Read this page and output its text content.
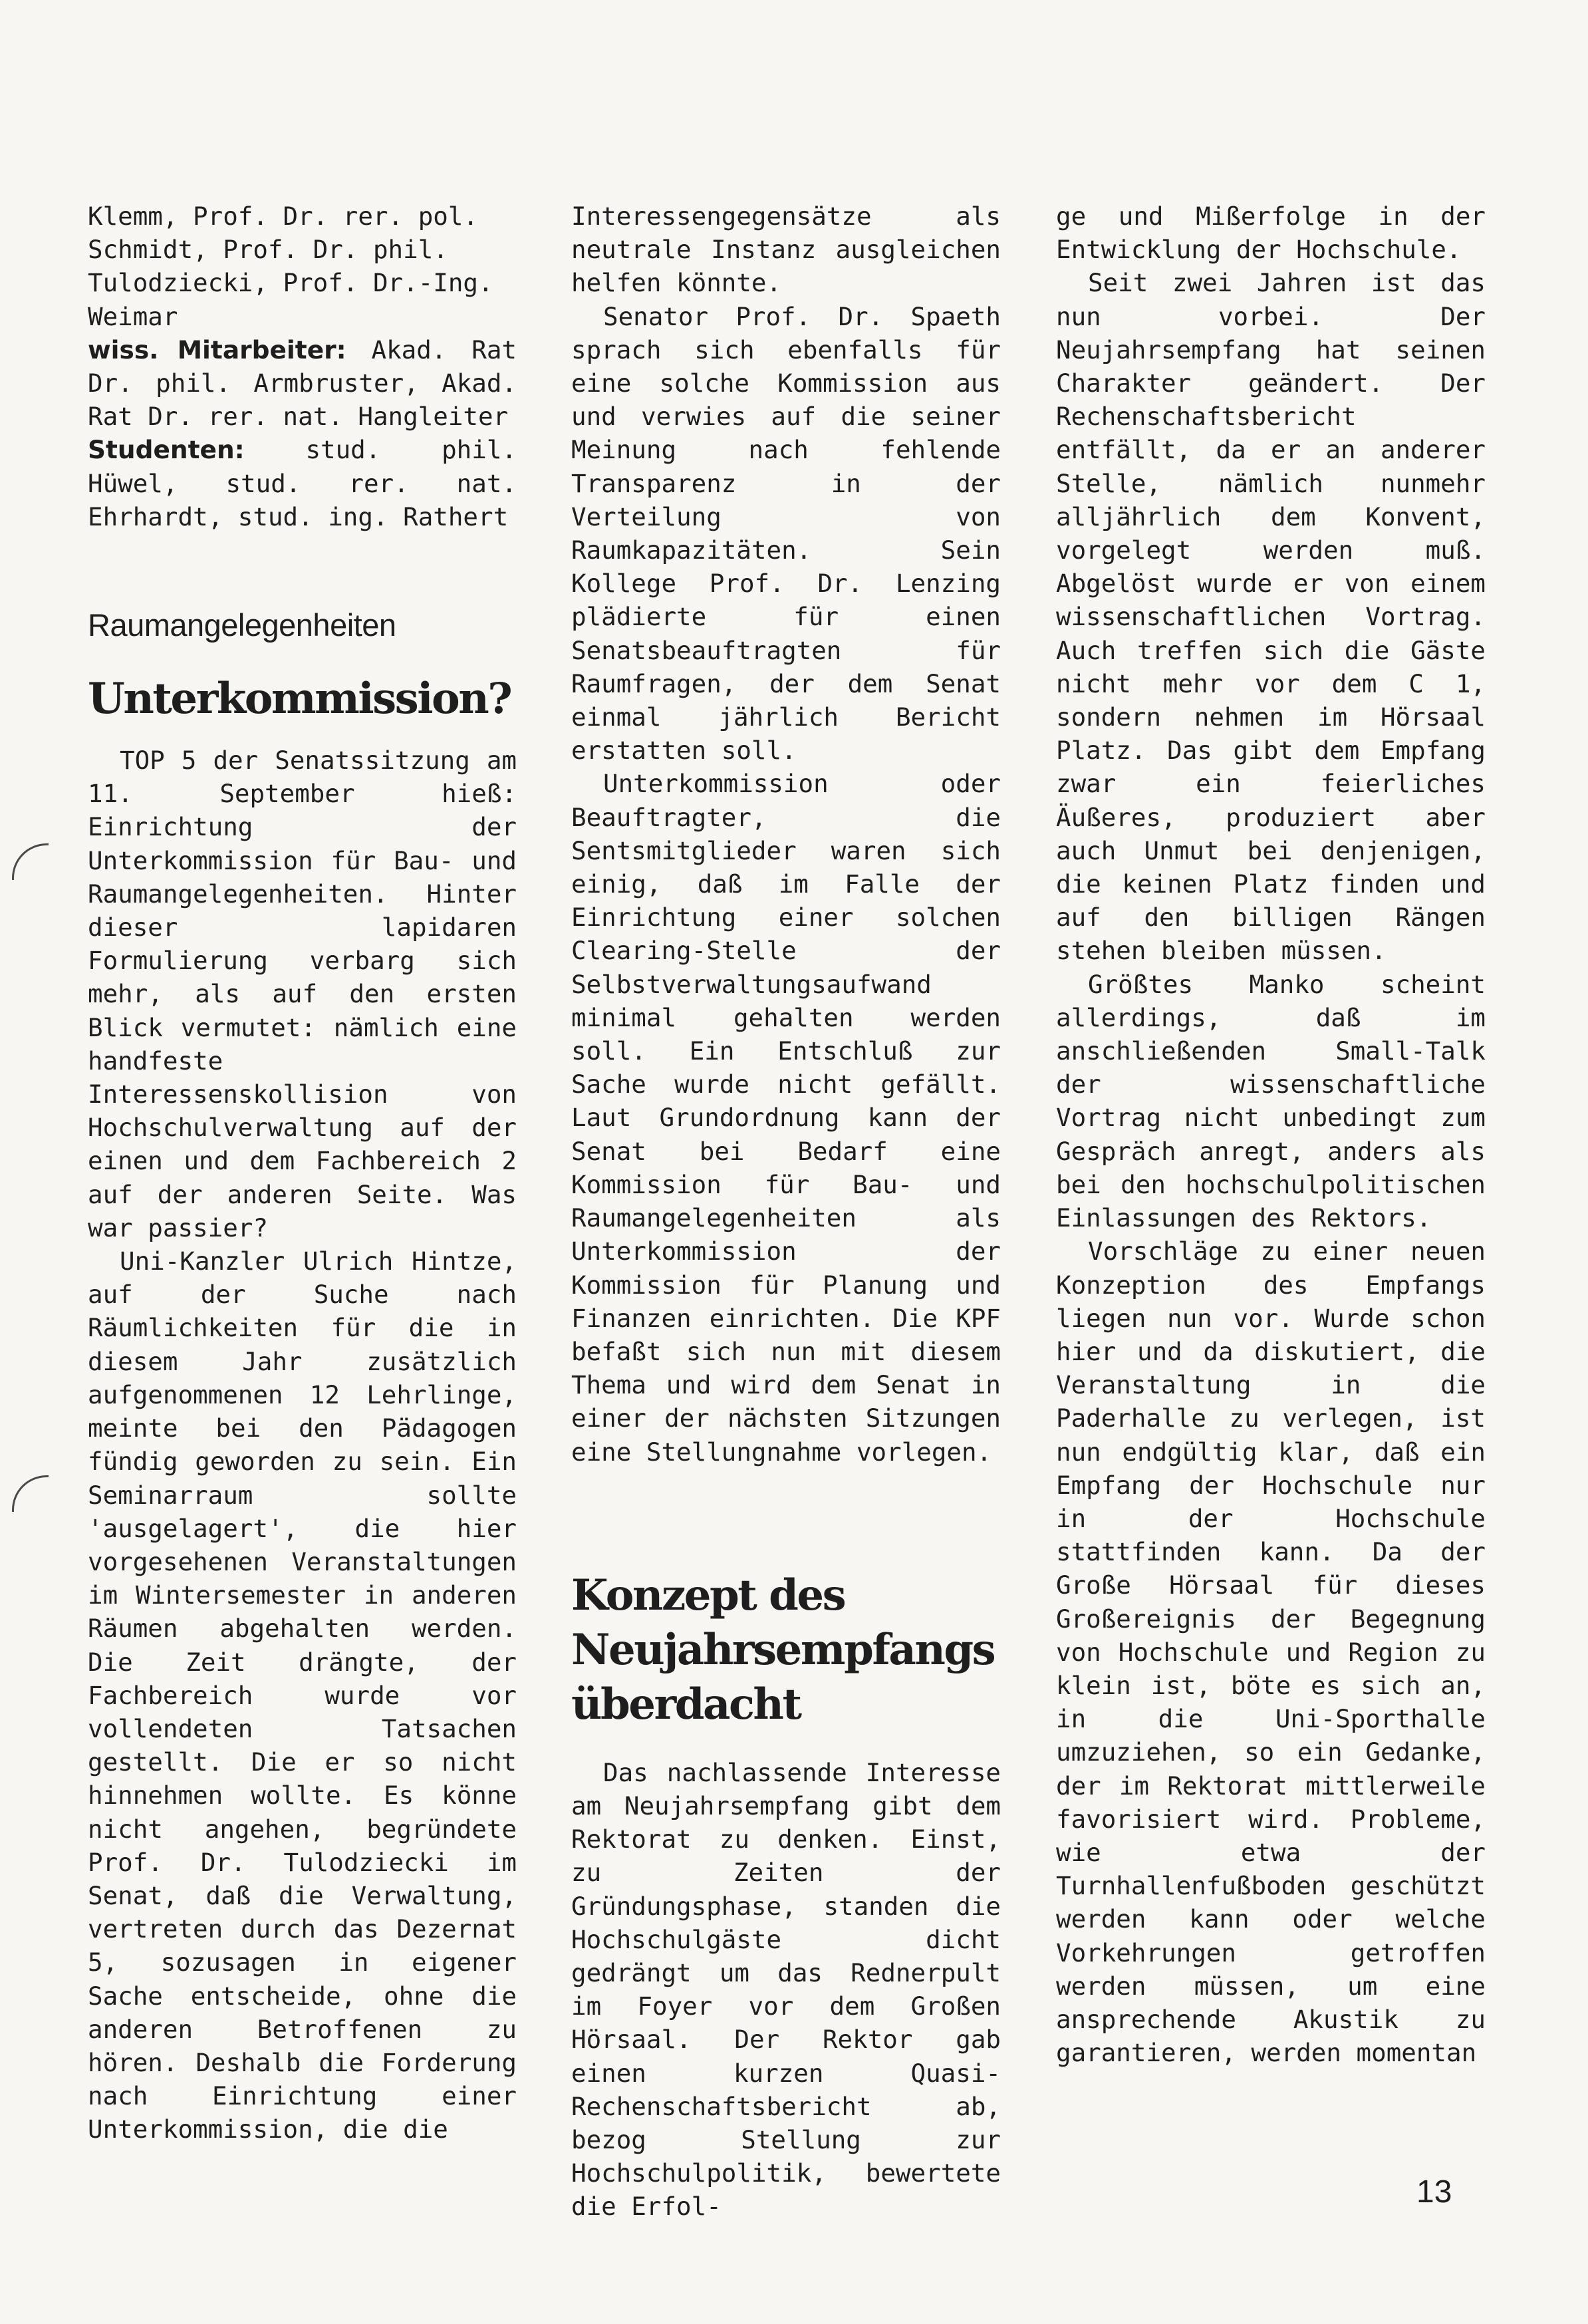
Klemm, Prof. Dr. rer. pol.
Schmidt, Prof. Dr. phil.
Tulodziecki, Prof. Dr.-Ing.
Weimar

wiss. Mitarbeiter: Akad. Rat Dr. phil. Armbruster, Akad. Rat Dr. rer. nat. Hangleiter

Studenten: stud. phil. Hüwel, stud. rer. nat. Ehrhardt, stud. ing. Rathert

Raumangelegenheiten
Unterkommission?

TOP 5 der Senatssitzung am 11. September hieß: Einrichtung der Unterkommission für Bau- und Raumangelegenheiten. Hinter dieser lapidaren Formulierung verbarg sich mehr, als auf den ersten Blick vermutet: nämlich eine handfeste Interessenskollision von Hochschulverwaltung auf der einen und dem Fachbereich 2 auf der anderen Seite. Was war passier?

Uni-Kanzler Ulrich Hintze, auf der Suche nach Räumlichkeiten für die in diesem Jahr zusätzlich aufgenommenen 12 Lehrlinge, meinte bei den Pädagogen fündig geworden zu sein. Ein Seminarraum sollte 'ausgelagert', die hier vorgesehenen Veranstaltungen im Wintersemester in anderen Räumen abgehalten werden. Die Zeit drängte, der Fachbereich wurde vor vollendeten Tatsachen gestellt. Die er so nicht hinnehmen wollte. Es könne nicht angehen, begründete Prof. Dr. Tulodziecki im Senat, daß die Verwaltung, vertreten durch das Dezernat 5, sozusagen in eigener Sache entscheide, ohne die anderen Betroffenen zu hören. Deshalb die Forderung nach Einrichtung einer Unterkommission, die die

Interessengegensätze als neutrale Instanz ausgleichen helfen könnte.

Senator Prof. Dr. Spaeth sprach sich ebenfalls für eine solche Kommission aus und verwies auf die seiner Meinung nach fehlende Transparenz in der Verteilung von Raumkapazitäten. Sein Kollege Prof. Dr. Lenzing plädierte für einen Senatsbeauftragten für Raumfragen, der dem Senat einmal jährlich Bericht erstatten soll.

Unterkommission oder Beauftragter, die Sentsmitglieder waren sich einig, daß im Falle der Einrichtung einer solchen Clearing-Stelle der Selbstverwaltungsaufwand minimal gehalten werden soll. Ein Entschluß zur Sache wurde nicht gefällt. Laut Grundordnung kann der Senat bei Bedarf eine Kommission für Bau- und Raumangelegenheiten als Unterkommission der Kommission für Planung und Finanzen einrichten. Die KPF befaßt sich nun mit diesem Thema und wird dem Senat in einer der nächsten Sitzungen eine Stellungnahme vorlegen.

Konzept des
Neujahrsempfangs
überdacht

Das nachlassende Interesse am Neujahrsempfang gibt dem Rektorat zu denken. Einst, zu Zeiten der Gründungsphase, standen die Hochschulgäste dicht gedrängt um das Rednerpult im Foyer vor dem Großen Hörsaal. Der Rektor gab einen kurzen Quasi-Rechenschaftsbericht ab, bezog Stellung zur Hochschulpolitik, bewertete die Erfol-

ge und Mißerfolge in der Entwicklung der Hochschule.

Seit zwei Jahren ist das nun vorbei. Der Neujahrsempfang hat seinen Charakter geändert. Der Rechenschaftsbericht entfällt, da er an anderer Stelle, nämlich nunmehr alljährlich dem Konvent, vorgelegt werden muß. Abgelöst wurde er von einem wissenschaftlichen Vortrag. Auch treffen sich die Gäste nicht mehr vor dem C 1, sondern nehmen im Hörsaal Platz. Das gibt dem Empfang zwar ein feierliches Äußeres, produziert aber auch Unmut bei denjenigen, die keinen Platz finden und auf den billigen Rängen stehen bleiben müssen.

Größtes Manko scheint allerdings, daß im anschließenden Small-Talk der wissenschaftliche Vortrag nicht unbedingt zum Gespräch anregt, anders als bei den hochschulpolitischen Einlassungen des Rektors.

Vorschläge zu einer neuen Konzeption des Empfangs liegen nun vor. Wurde schon hier und da diskutiert, die Veranstaltung in die Paderhalle zu verlegen, ist nun endgültig klar, daß ein Empfang der Hochschule nur in der Hochschule stattfinden kann. Da der Große Hörsaal für dieses Großereignis der Begegnung von Hochschule und Region zu klein ist, böte es sich an, in die Uni-Sporthalle umzuziehen, so ein Gedanke, der im Rektorat mittlerweile favorisiert wird. Probleme, wie etwa der Turnhallenfußboden geschützt werden kann oder welche Vorkehrungen getroffen werden müssen, um eine ansprechende Akustik zu garantieren, werden momentan

13
